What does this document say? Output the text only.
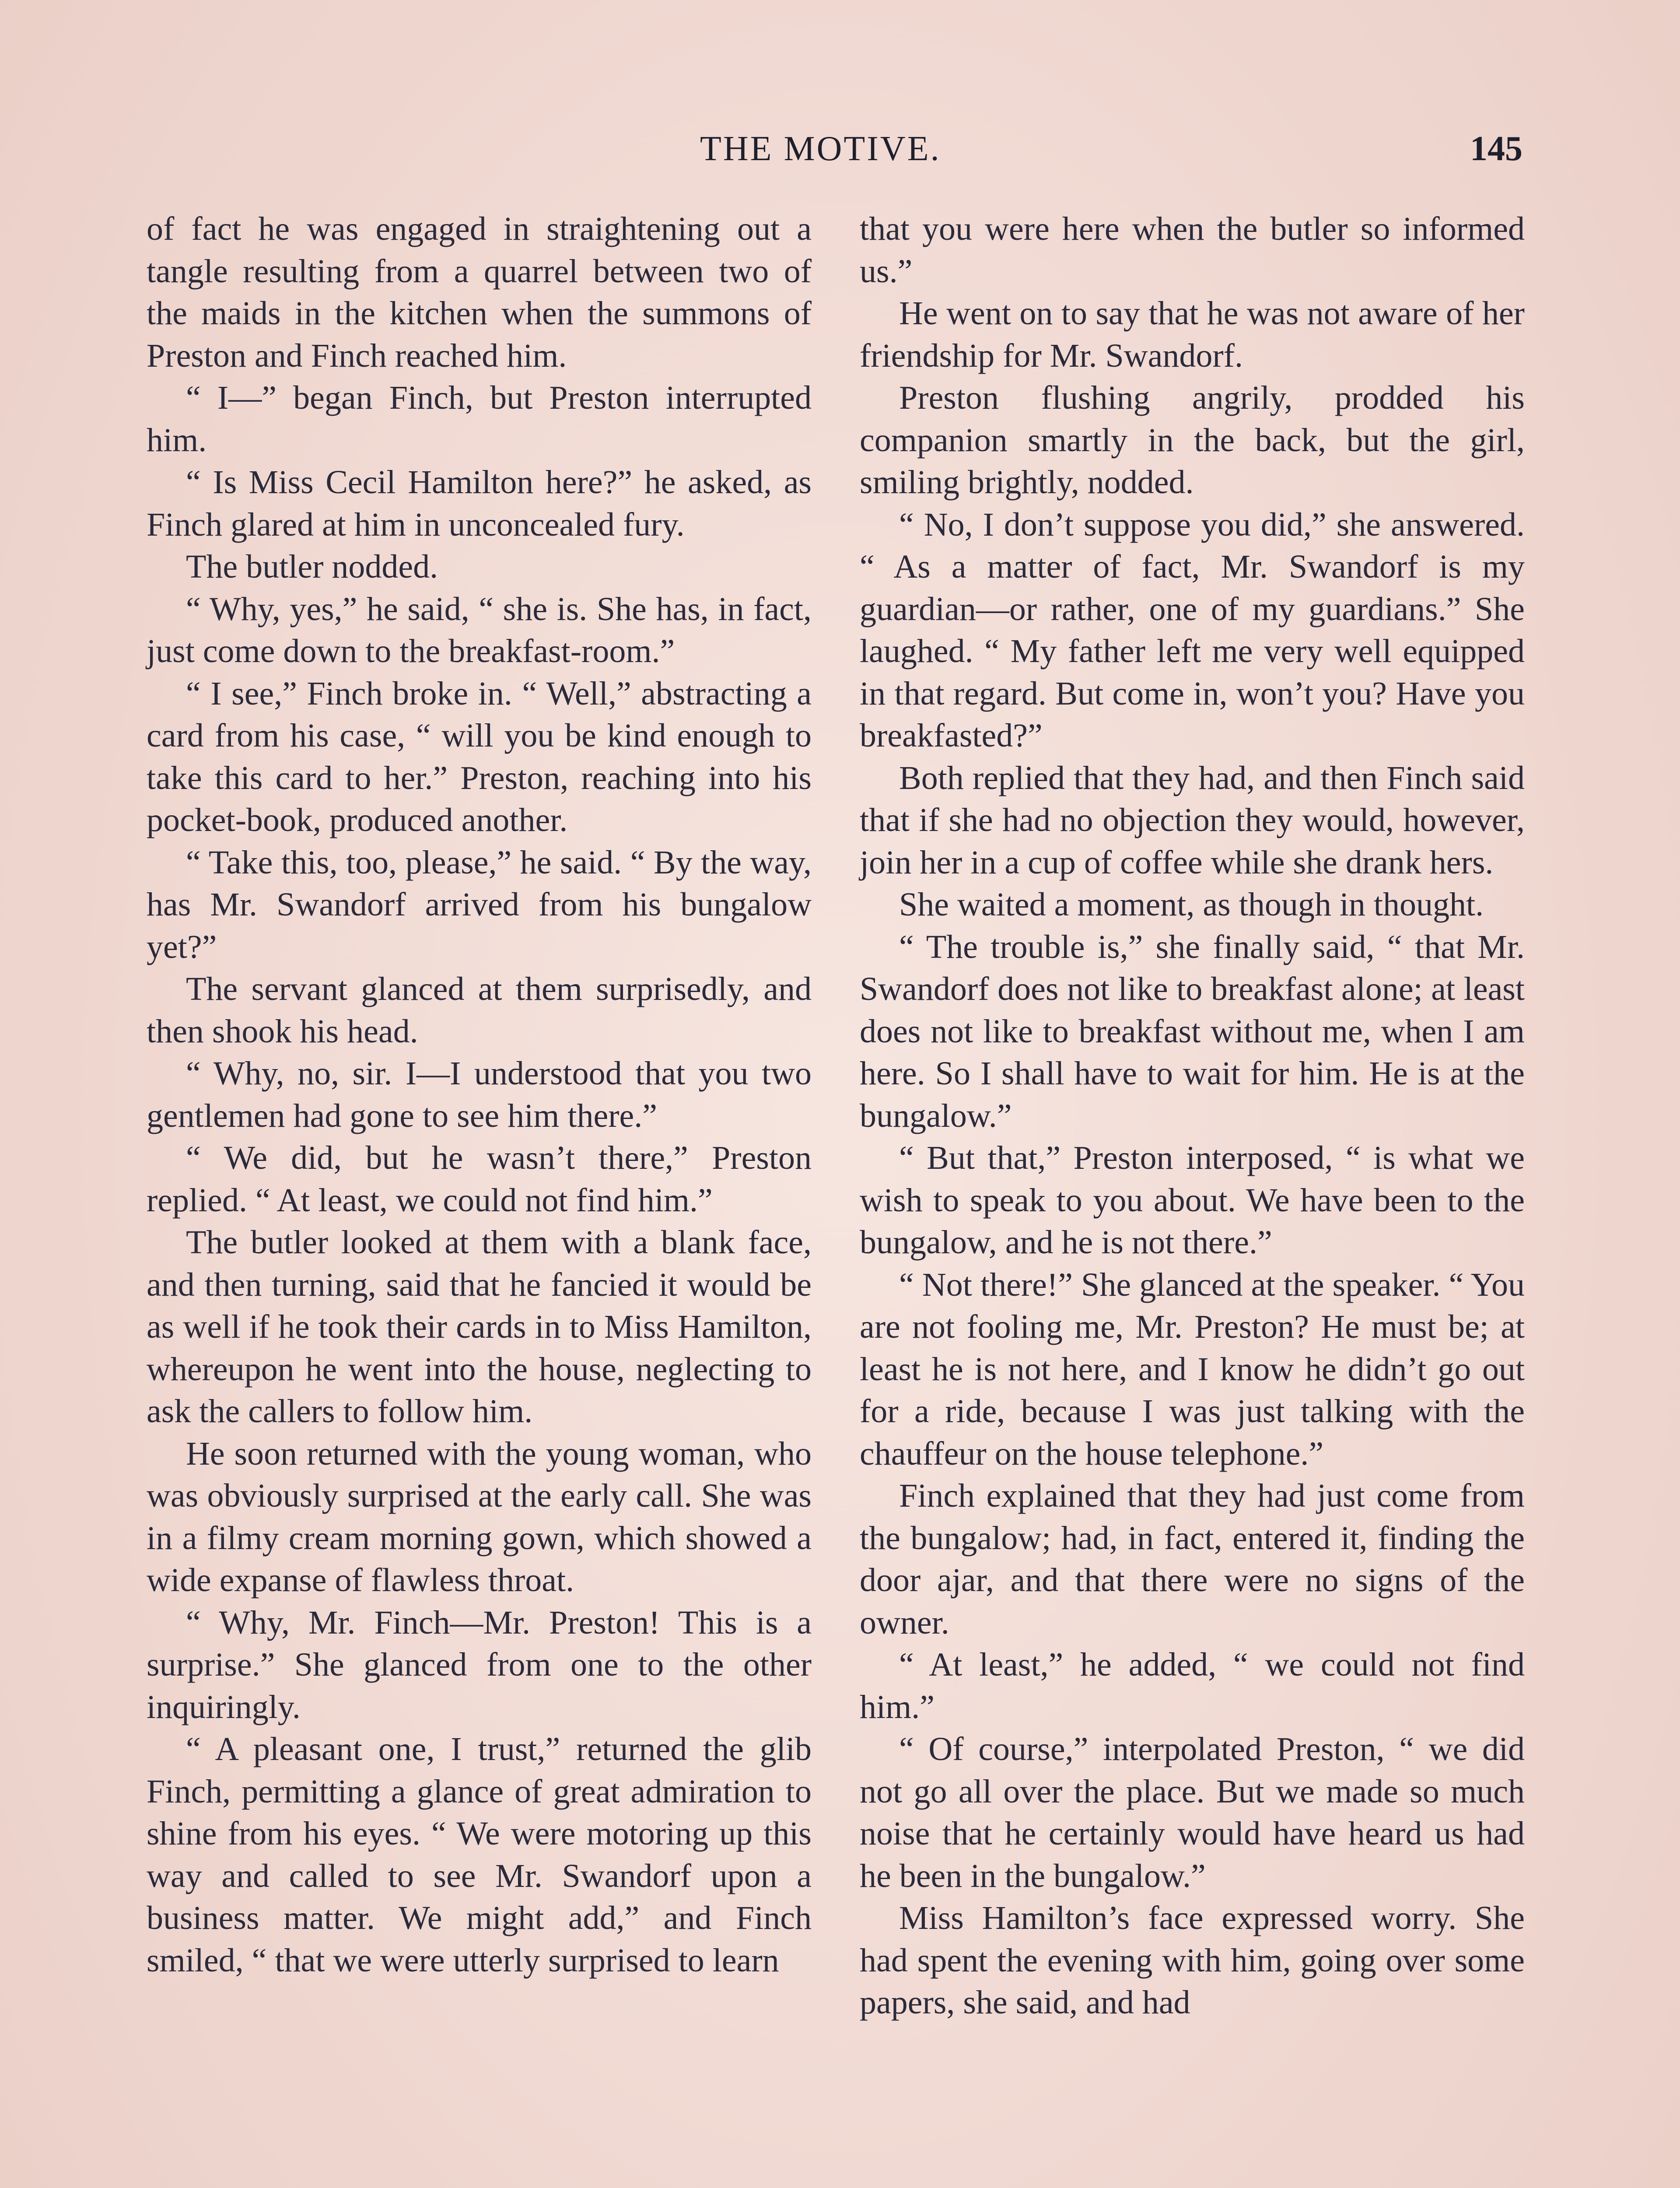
THE MOTIVE.	145

of fact he was engaged in straightening out a tangle resulting from a quarrel between two of the maids in the kitchen when the summons of Preston and Finch reached him.

“ I—” began Finch, but Preston interrupted him.

“ Is Miss Cecil Hamilton here?” he asked, as Finch glared at him in unconcealed fury.

The butler nodded.

“ Why, yes,” he said, “ she is. She has, in fact, just come down to the breakfast-room.”

“ I see,” Finch broke in. “ Well,” abstracting a card from his case, “ will you be kind enough to take this card to her.” Preston, reaching into his pocket-book, produced another.

“ Take this, too, please,” he said. “ By the way, has Mr. Swandorf arrived from his bungalow yet?”

The servant glanced at them surprisedly, and then shook his head.

“ Why, no, sir. I—I understood that you two gentlemen had gone to see him there.”

“ We did, but he wasn’t there,” Preston replied. “ At least, we could not find him.”

The butler looked at them with a blank face, and then turning, said that he fancied it would be as well if he took their cards in to Miss Hamilton, whereupon he went into the house, neglecting to ask the callers to follow him.

He soon returned with the young woman, who was obviously surprised at the early call. She was in a filmy cream morning gown, which showed a wide expanse of flawless throat.

“ Why, Mr. Finch—Mr. Preston! This is a surprise.” She glanced from one to the other inquiringly.

“ A pleasant one, I trust,” returned the glib Finch, permitting a glance of great admiration to shine from his eyes. “ We were motoring up this way and called to see Mr. Swandorf upon a business matter. We might add,” and Finch smiled, “ that we were utterly surprised to learn

that you were here when the butler so informed us.”

He went on to say that he was not aware of her friendship for Mr. Swandorf.

Preston flushing angrily, prodded his companion smartly in the back, but the girl, smiling brightly, nodded.

“ No, I don’t suppose you did,” she answered. “ As a matter of fact, Mr. Swandorf is my guardian—or rather, one of my guardians.” She laughed. “ My father left me very well equipped in that regard. But come in, won’t you? Have you breakfasted?”

Both replied that they had, and then Finch said that if she had no objection they would, however, join her in a cup of coffee while she drank hers.

She waited a moment, as though in thought.

“ The trouble is,” she finally said, “ that Mr. Swandorf does not like to breakfast alone; at least does not like to breakfast without me, when I am here. So I shall have to wait for him. He is at the bungalow.”

“ But that,” Preston interposed, “ is what we wish to speak to you about. We have been to the bungalow, and he is not there.”

“ Not there!” She glanced at the speaker. “ You are not fooling me, Mr. Preston? He must be; at least he is not here, and I know he didn’t go out for a ride, because I was just talking with the chauffeur on the house telephone.”

Finch explained that they had just come from the bungalow; had, in fact, entered it, finding the door ajar, and that there were no signs of the owner.

“ At least,” he added, “ we could not find him.”

“ Of course,” interpolated Preston, “ we did not go all over the place. But we made so much noise that he certainly would have heard us had he been in the bungalow.”

Miss Hamilton’s face expressed worry. She had spent the evening with him, going over some papers, she said, and had
